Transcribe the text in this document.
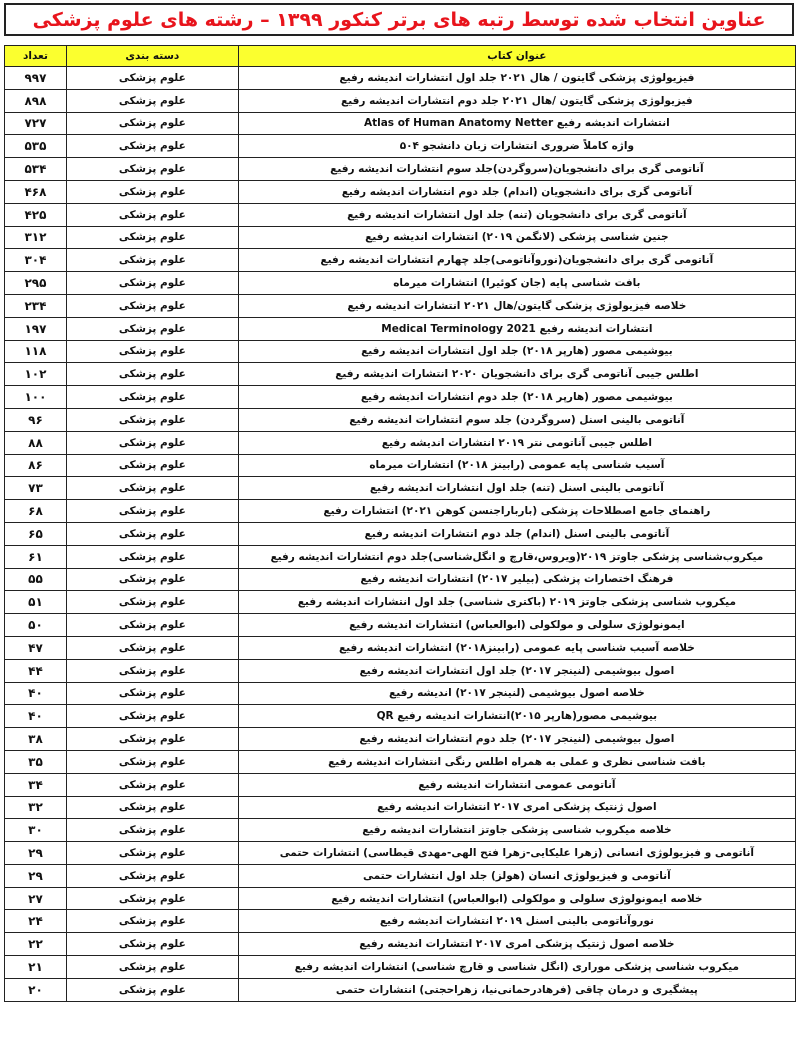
عناوین انتخاب شده توسط رتبه های برتر کنکور ۱۳۹۹ – رشته های علوم پزشکی
عنوان کتاب
دسته بندی
تعداد
فیزیولوژی پزشکی گایتون / هال ۲۰۲۱ جلد اول انتشارات اندیشه رفیع
علوم پزشکی
۹۹۷
فیزیولوژی پزشکی گایتون /هال ۲۰۲۱ جلد دوم انتشارات اندیشه رفیع
علوم پزشکی
۸۹۸
انتشارات اندیشه رفیع Atlas of Human Anatomy Netter
علوم پزشکی
۷۲۷
واژه کاملاً ضروری انتشارات زبان دانشجو ۵۰۴
علوم پزشکی
۵۳۵
آناتومی گری برای دانشجویان(سروگردن)جلد سوم انتشارات اندیشه رفیع
علوم پزشکی
۵۳۴
آناتومی گری برای دانشجویان (اندام) جلد دوم انتشارات اندیشه رفیع
علوم پزشکی
۴۶۸
آناتومی گری برای دانشجویان (تنه) جلد اول انتشارات اندیشه رفیع
علوم پزشکی
۴۲۵
جنین شناسی پزشکی (لانگمن ۲۰۱۹) انتشارات اندیشه رفیع
علوم پزشکی
۳۱۲
آناتومی گری برای دانشجویان(نوروآناتومی)جلد چهارم انتشارات اندیشه رفیع
علوم پزشکی
۳۰۴
بافت شناسی پایه (جان کوئیرا) انتشارات میرماه
علوم پزشکی
۲۹۵
خلاصه فیزیولوژی پزشکی گایتون/هال ۲۰۲۱ انتشارات اندیشه رفیع
علوم پزشکی
۲۳۴
انتشارات اندیشه رفیع Medical Terminology 2021
علوم پزشکی
۱۹۷
بیوشیمی مصور (هارپر ۲۰۱۸) جلد اول انتشارات اندیشه رفیع
علوم پزشکی
۱۱۸
اطلس جیبی آناتومی گری برای دانشجویان ۲۰۲۰ انتشارات اندیشه رفیع
علوم پزشکی
۱۰۲
بیوشیمی مصور (هارپر ۲۰۱۸) جلد دوم انتشارات اندیشه رفیع
علوم پزشکی
۱۰۰
آناتومی بالینی اسنل (سروگردن) جلد سوم انتشارات اندیشه رفیع
علوم پزشکی
۹۶
اطلس جیبی آناتومی نتر ۲۰۱۹ انتشارات اندیشه رفیع
علوم پزشکی
۸۸
آسیب شناسی پایه عمومی (رابینز ۲۰۱۸) انتشارات میرماه
علوم پزشکی
۸۶
آناتومی بالینی اسنل (تنه) جلد اول انتشارات اندیشه رفیع
علوم پزشکی
۷۳
راهنمای جامع اصطلاحات پزشکی (بارباراجنسن کوهن ۲۰۲۱) انتشارات رفیع
علوم پزشکی
۶۸
آناتومی بالینی اسنل (اندام) جلد دوم انتشارات اندیشه رفیع
علوم پزشکی
۶۵
میکروب‌شناسی پزشکی جاوتز ۲۰۱۹(ویروس،قارچ و انگل‌شناسی)جلد دوم انتشارات اندیشه رفیع
علوم پزشکی
۶۱
فرهنگ اختصارات پزشکی (بیلیر ۲۰۱۷) انتشارات اندیشه رفیع
علوم پزشکی
۵۵
میکروب شناسی پزشکی جاوتز ۲۰۱۹ (باکتری شناسی) جلد اول انتشارات اندیشه رفیع
علوم پزشکی
۵۱
ایمونولوژی سلولی و مولکولی (ابوالعباس) انتشارات اندیشه رفیع
علوم پزشکی
۵۰
خلاصه آسیب شناسی پایه عمومی (رابینز۲۰۱۸) انتشارات اندیشه رفیع
علوم پزشکی
۴۷
اصول بیوشیمی (لنینجر ۲۰۱۷) جلد اول انتشارات اندیشه رفیع
علوم پزشکی
۴۴
خلاصه اصول بیوشیمی (لنینجر ۲۰۱۷) اندیشه رفیع
علوم پزشکی
۴۰
بیوشیمی مصور(هارپر ۲۰۱۵)انتشارات اندیشه رفیع QR
علوم پزشکی
۴۰
اصول بیوشیمی (لنینجر ۲۰۱۷) جلد دوم انتشارات اندیشه رفیع
علوم پزشکی
۳۸
بافت شناسی نظری و عملی به همراه اطلس رنگی انتشارات اندیشه رفیع
علوم پزشکی
۳۵
آناتومی عمومی انتشارات اندیشه رفیع
علوم پزشکی
۳۴
اصول ژنتیک پزشکی امری ۲۰۱۷ انتشارات اندیشه رفیع
علوم پزشکی
۳۲
خلاصه میکروب شناسی پزشکی جاوتز انتشارات اندیشه رفیع
علوم پزشکی
۳۰
آناتومی و فیزیولوژی انسانی (زهرا علیکایی-زهرا فتح الهی-مهدی قیطاسی) انتشارات حتمی
علوم پزشکی
۲۹
آناتومی و فیزیولوژی انسان (هولز) جلد اول انتشارات حتمی
علوم پزشکی
۲۹
خلاصه ایمونولوژی سلولی و مولکولی (ابوالعباس) انتشارات اندیشه رفیع
علوم پزشکی
۲۷
نوروآناتومی بالینی اسنل ۲۰۱۹ انتشارات اندیشه رفیع
علوم پزشکی
۲۴
خلاصه اصول ژنتیک پزشکی امری ۲۰۱۷ انتشارات اندیشه رفیع
علوم پزشکی
۲۲
میکروب شناسی پزشکی موراری (انگل شناسی و قارچ شناسی) انتشارات اندیشه رفیع
علوم پزشکی
۲۱
پیشگیری و درمان چاقی (فرهادرحمانی‌نیا، زهراحجتی) انتشارات حتمی
علوم پزشکی
۲۰
